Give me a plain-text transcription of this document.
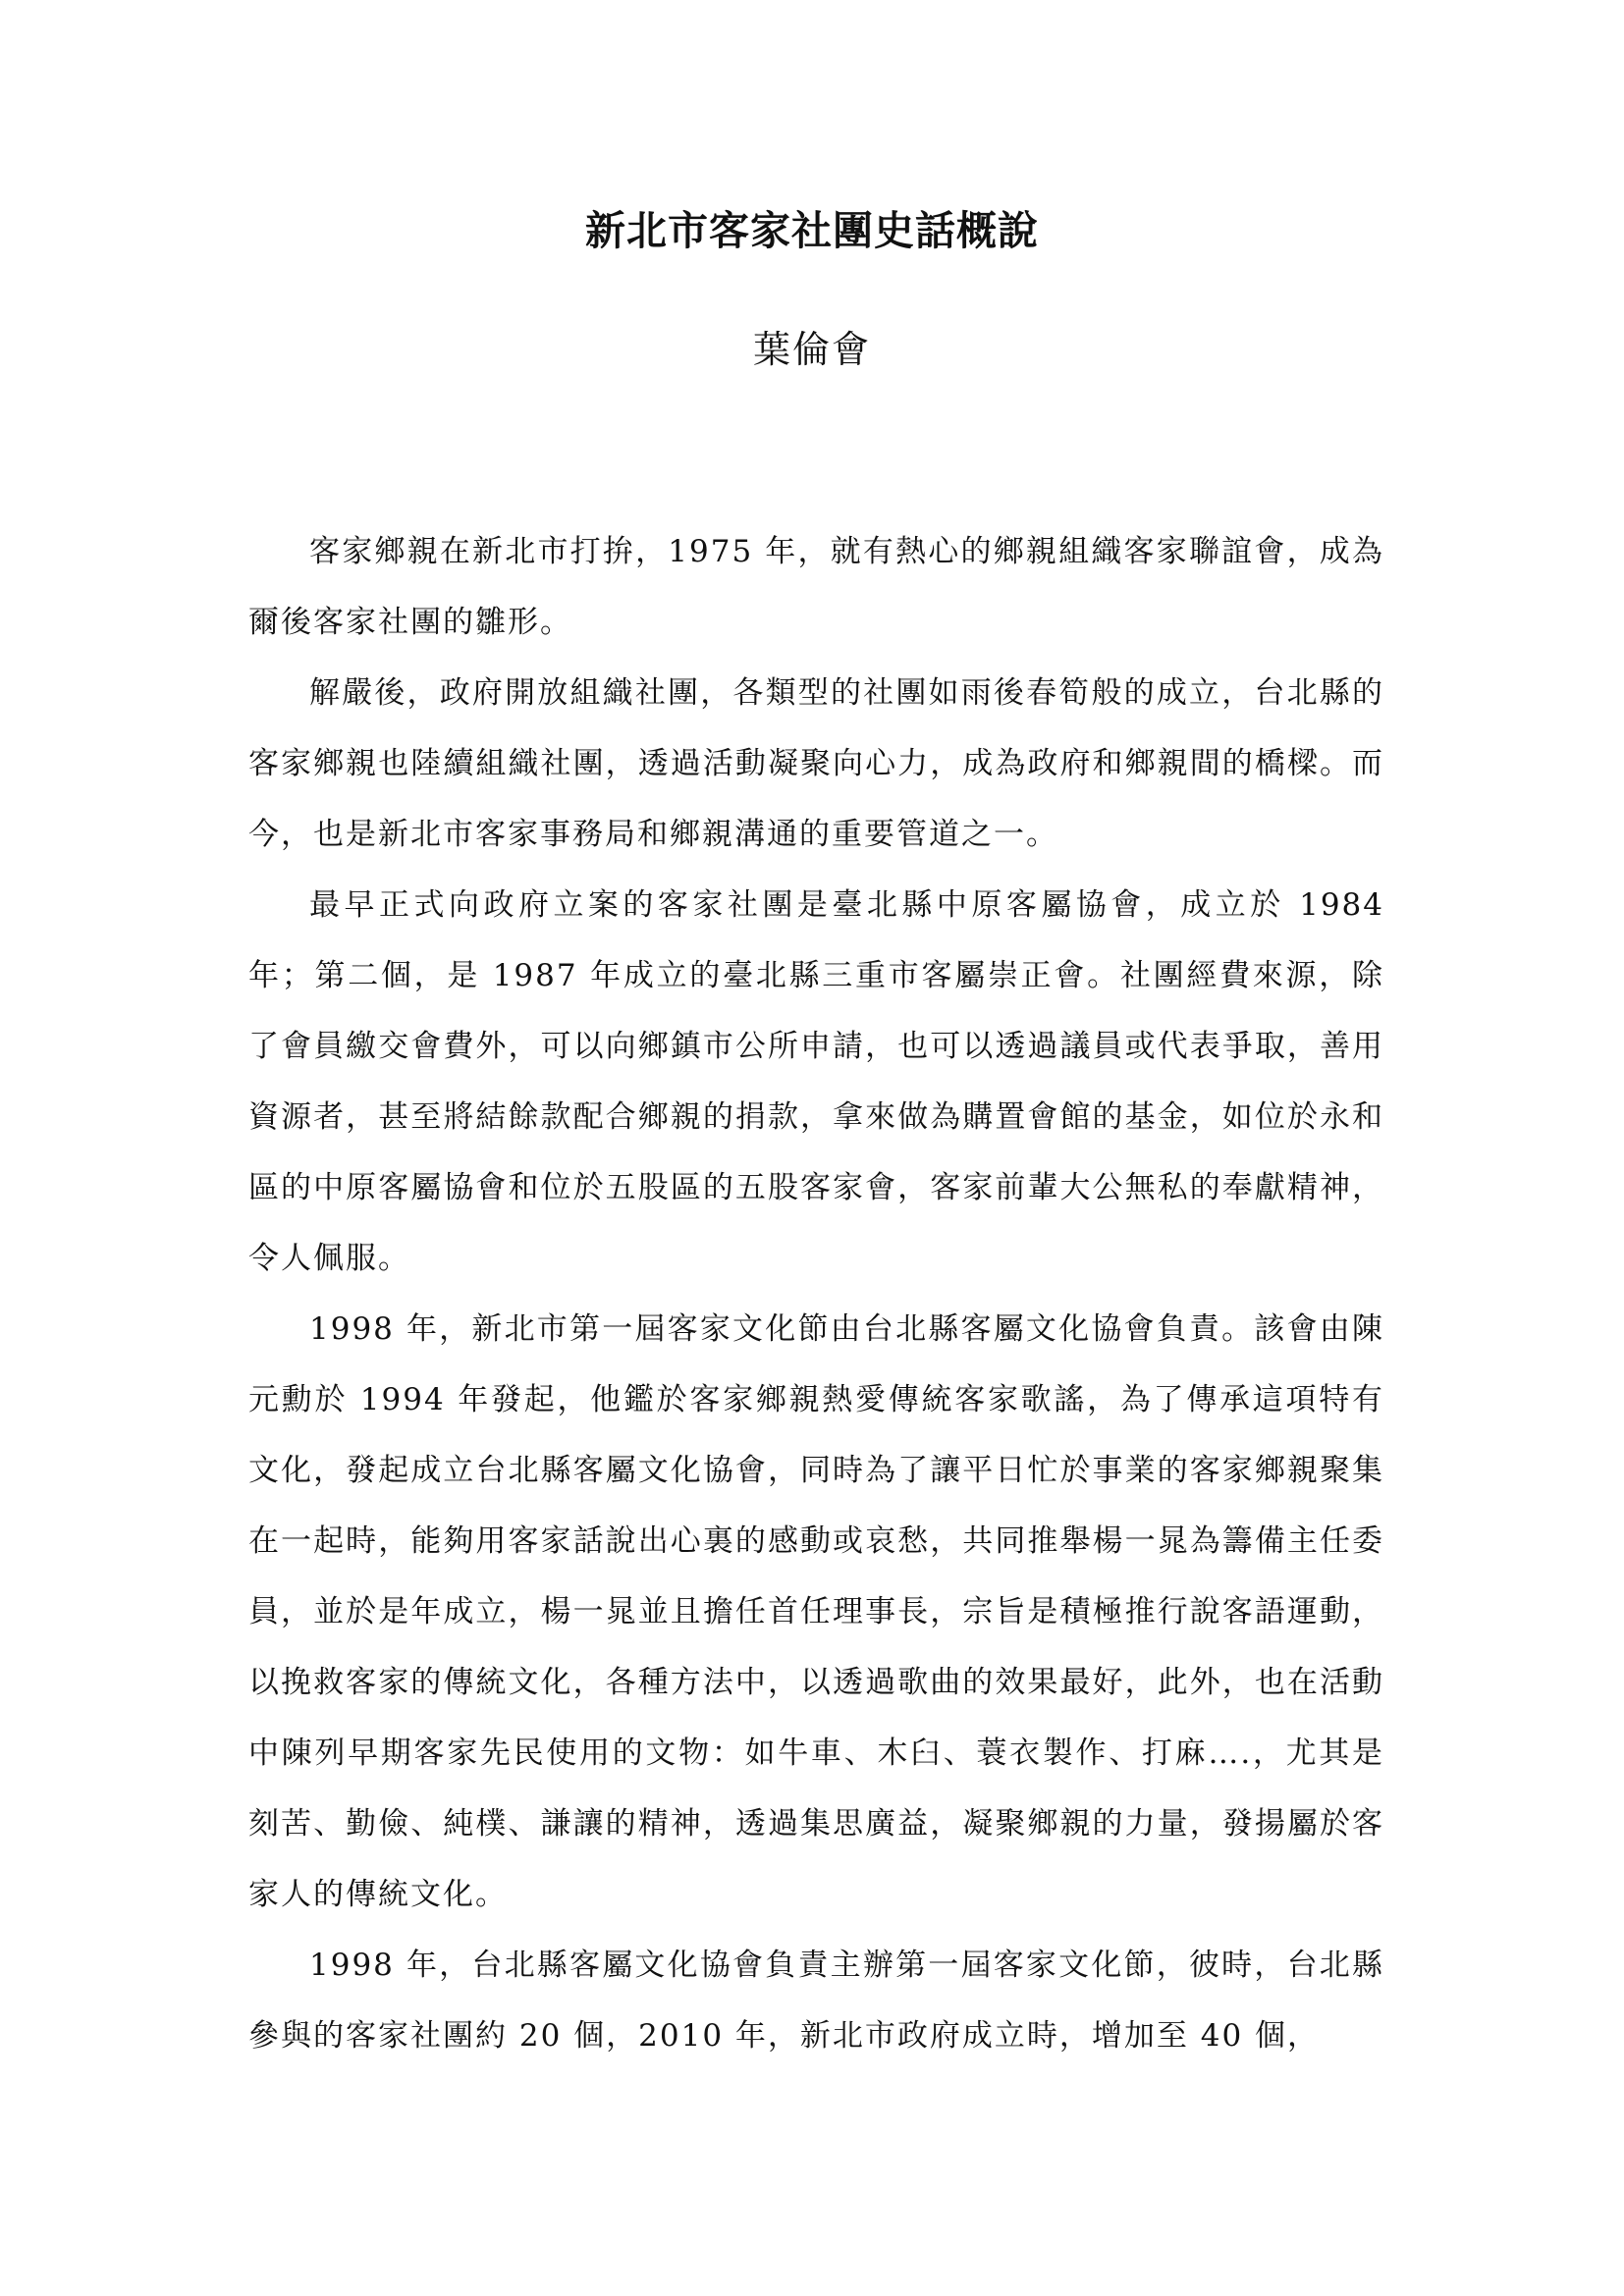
新北市客家社團史話概說
葉倫會

客家鄉親在新北市打拚，1975 年，就有熱心的鄉親組織客家聯誼會，成為爾後客家社團的雛形。

解嚴後，政府開放組織社團，各類型的社團如雨後春筍般的成立，台北縣的客家鄉親也陸續組織社團，透過活動凝聚向心力，成為政府和鄉親間的橋樑。而今，也是新北市客家事務局和鄉親溝通的重要管道之一。

最早正式向政府立案的客家社團是臺北縣中原客屬協會，成立於 1984 年；第二個，是 1987 年成立的臺北縣三重市客屬崇正會。社團經費來源，除了會員繳交會費外，可以向鄉鎮市公所申請，也可以透過議員或代表爭取，善用資源者，甚至將結餘款配合鄉親的捐款，拿來做為購置會館的基金，如位於永和區的中原客屬協會和位於五股區的五股客家會，客家前輩大公無私的奉獻精神，令人佩服。

1998 年，新北市第一屆客家文化節由台北縣客屬文化協會負責。該會由陳元勳於 1994 年發起，他鑑於客家鄉親熱愛傳統客家歌謠，為了傳承這項特有文化，發起成立台北縣客屬文化協會，同時為了讓平日忙於事業的客家鄉親聚集在一起時，能夠用客家話說出心裏的感動或哀愁，共同推舉楊一晁為籌備主任委員，並於是年成立，楊一晁並且擔任首任理事長，宗旨是積極推行說客語運動，以挽救客家的傳統文化，各種方法中，以透過歌曲的效果最好，此外，也在活動中陳列早期客家先民使用的文物：如牛車、木臼、蓑衣製作、打麻….，尤其是刻苦、勤儉、純樸、謙讓的精神，透過集思廣益，凝聚鄉親的力量，發揚屬於客家人的傳統文化。

1998 年，台北縣客屬文化協會負責主辦第一屆客家文化節，彼時，台北縣參與的客家社團約 20 個，2010 年，新北市政府成立時，增加至 40 個，
